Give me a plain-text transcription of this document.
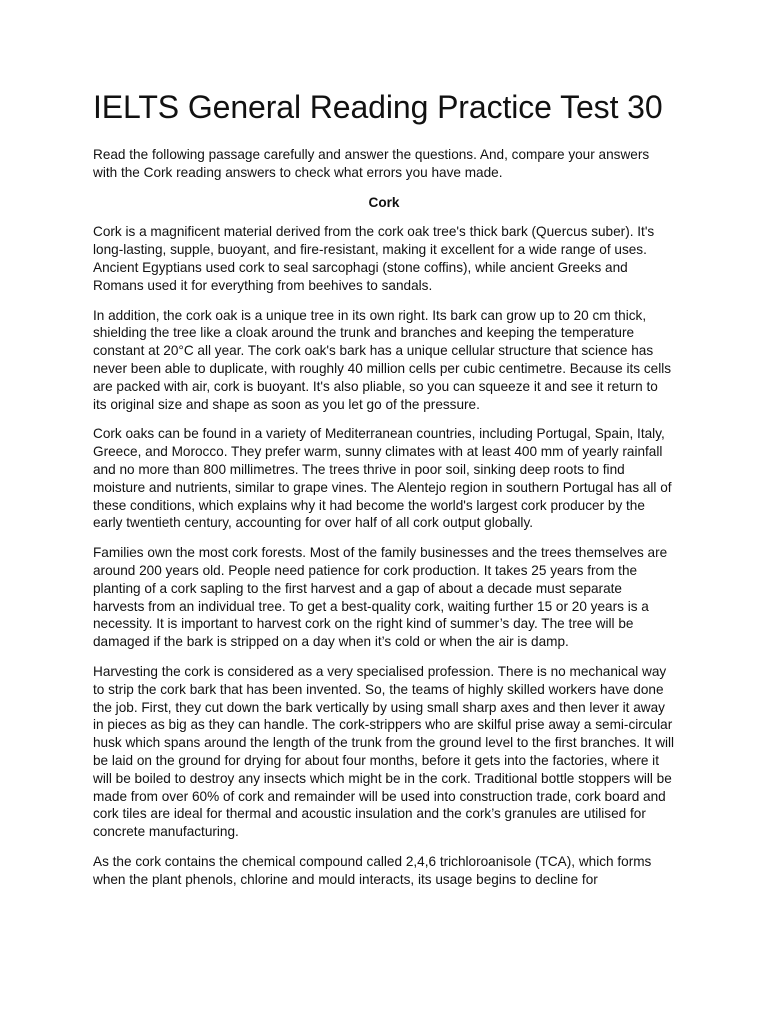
IELTS General Reading Practice Test 30

Read the following passage carefully and answer the questions. And, compare your answers with the Cork reading answers to check what errors you have made.

Cork

Cork is a magnificent material derived from the cork oak tree's thick bark (Quercus suber). It's long-lasting, supple, buoyant, and fire-resistant, making it excellent for a wide range of uses. Ancient Egyptians used cork to seal sarcophagi (stone coffins), while ancient Greeks and Romans used it for everything from beehives to sandals.

In addition, the cork oak is a unique tree in its own right. Its bark can grow up to 20 cm thick, shielding the tree like a cloak around the trunk and branches and keeping the temperature constant at 20°C all year. The cork oak's bark has a unique cellular structure that science has never been able to duplicate, with roughly 40 million cells per cubic centimetre. Because its cells are packed with air, cork is buoyant. It's also pliable, so you can squeeze it and see it return to its original size and shape as soon as you let go of the pressure.

Cork oaks can be found in a variety of Mediterranean countries, including Portugal, Spain, Italy, Greece, and Morocco. They prefer warm, sunny climates with at least 400 mm of yearly rainfall and no more than 800 millimetres. The trees thrive in poor soil, sinking deep roots to find moisture and nutrients, similar to grape vines. The Alentejo region in southern Portugal has all of these conditions, which explains why it had become the world's largest cork producer by the early twentieth century, accounting for over half of all cork output globally.

Families own the most cork forests. Most of the family businesses and the trees themselves are around 200 years old. People need patience for cork production. It takes 25 years from the planting of a cork sapling to the first harvest and a gap of about a decade must separate harvests from an individual tree. To get a best-quality cork, waiting further 15 or 20 years is a necessity. It is important to harvest cork on the right kind of summer’s day. The tree will be damaged if the bark is stripped on a day when it’s cold or when the air is damp.

Harvesting the cork is considered as a very specialised profession. There is no mechanical way to strip the cork bark that has been invented. So, the teams of highly skilled workers have done the job. First, they cut down the bark vertically by using small sharp axes and then lever it away in pieces as big as they can handle. The cork-strippers who are skilful prise away a semi-circular husk which spans around the length of the trunk from the ground level to the first branches. It will be laid on the ground for drying for about four months, before it gets into the factories, where it will be boiled to destroy any insects which might be in the cork. Traditional bottle stoppers will be made from over 60% of cork and remainder will be used into construction trade, cork board and cork tiles are ideal for thermal and acoustic insulation and the cork’s granules are utilised for concrete manufacturing.

As the cork contains the chemical compound called 2,4,6 trichloroanisole (TCA), which forms when the plant phenols, chlorine and mould interacts, its usage begins to decline for
